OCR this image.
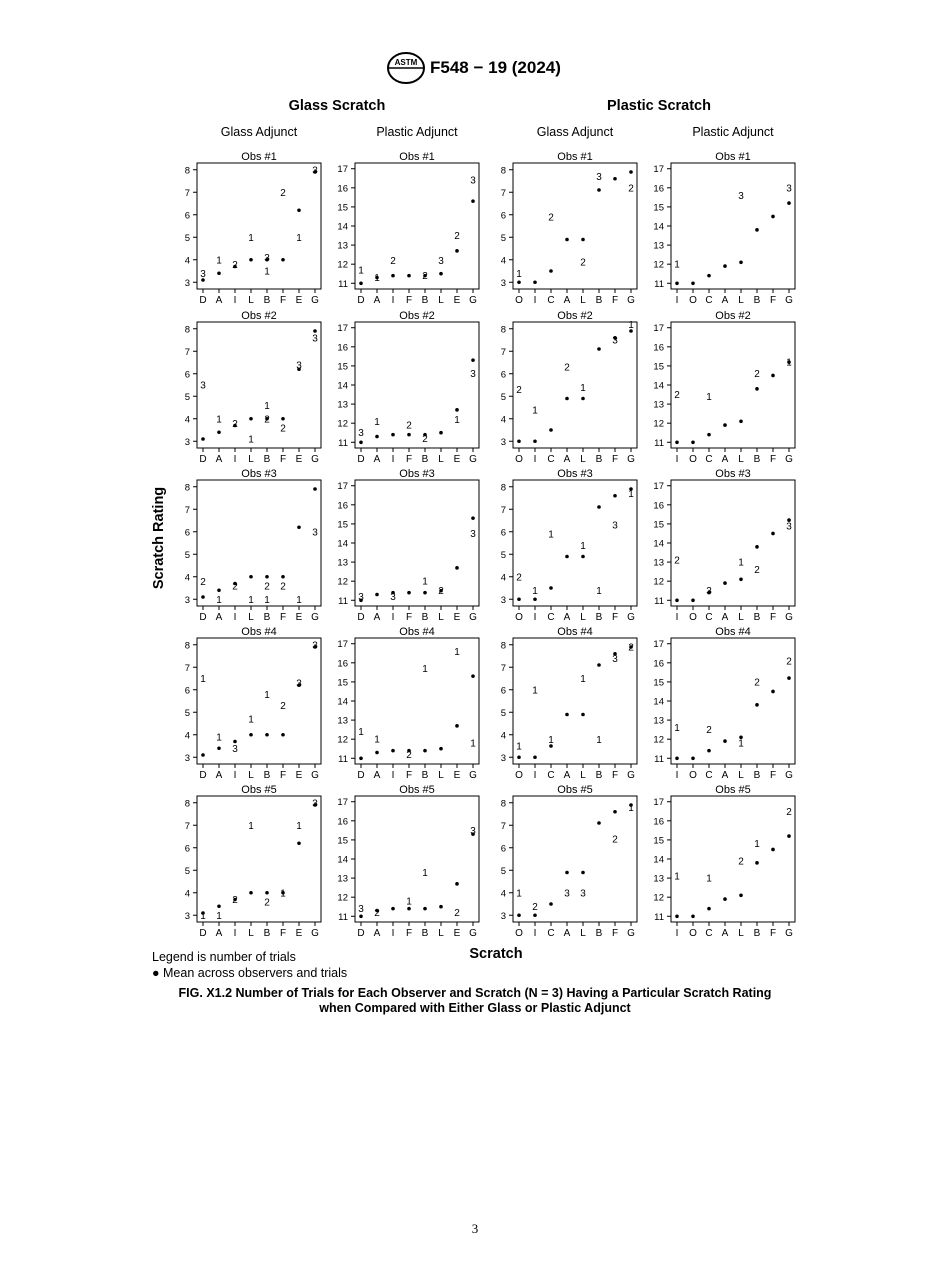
ASTM F548 − 19 (2024)
Glass Scratch	Plastic Scratch
Glass Adjunct	Plastic Adjunct	Glass Adjunct	Plastic Adjunct
Scratch Rating
Scratch
Obs #1
3
4
5
6
7
8
D A I L B F E G
3
1 2
1
1
3
2
1
3
Obs #2
3
4
5
6
7
8
D A I L B F E G
3
1 2
1
2
1
2
3
3
Obs #3
3
4
5
6
7
8
D A I L B F E G
2
1
2
1
2
1
2
1
3
Obs #4
3
4
5
6
7
8
D A I L B F E G
1
1
3
1
1
2
3
3
Obs #5
3
4
5
6
7
8
D A I L B F E G
1 1
2
1
2
1
1
3
Obs #1
11
12
13
14
15
16
17
D A I F B L E G
1
1
2
2
3
2
3
Obs #2
11
12
13
14
15
16
17
D A I F B L E G
3
1	2
2
1
3
Obs #3
11
12
13
14
15
16
17
D A I F B L E G
3	3
1
2
3
Obs #4
11
12
13
14
15
16
17
D A I F B L E G
1
1
2
1
1
1
Obs #5
11
12
13
14
15
16
17
D A I F B L E G
3 2
1
1
2
3
Obs #1
3
4
5
6
7
8
O I C A L B F G
1
2
2
3
2
Obs #2
3
4
5
6
7
8
O I C A L B F G
2
1
2
1
3
1
Obs #3
3
4
5
6
7
8
O I C A L B F G
2
1
1
1
1
3
1
Obs #4
3
4
5
6
7
8
O I C A L B F G
1
1
1
1
1
3
2
Obs #5
3
4
5
6
7
8
O I C A L B F G
1
2
3 3
2
1
Obs #1
11
12
13
14
15
16
17
I O C A L B F G
1
3
3
Obs #2
11
12
13
14
15
16
17
I O C A L B F G
2	1
2
1
Obs #3
11
12
13
14
15
16
17
I O C A L B F G
2
3
1
2
3
Obs #4
11
12
13
14
15
16
17
I O C A L B F G
1	2
1
2
2
Obs #5
11
12
13
14
15
16
17
I O C A L B F G
1	1
2
1
2
Legend is number of trials
● Mean across observers and trials
FIG. X1.2 Number of Trials for Each Observer and Scratch (N = 3) Having a Particular Scratch Rating
when Compared with Either Glass or Plastic Adjunct
3
